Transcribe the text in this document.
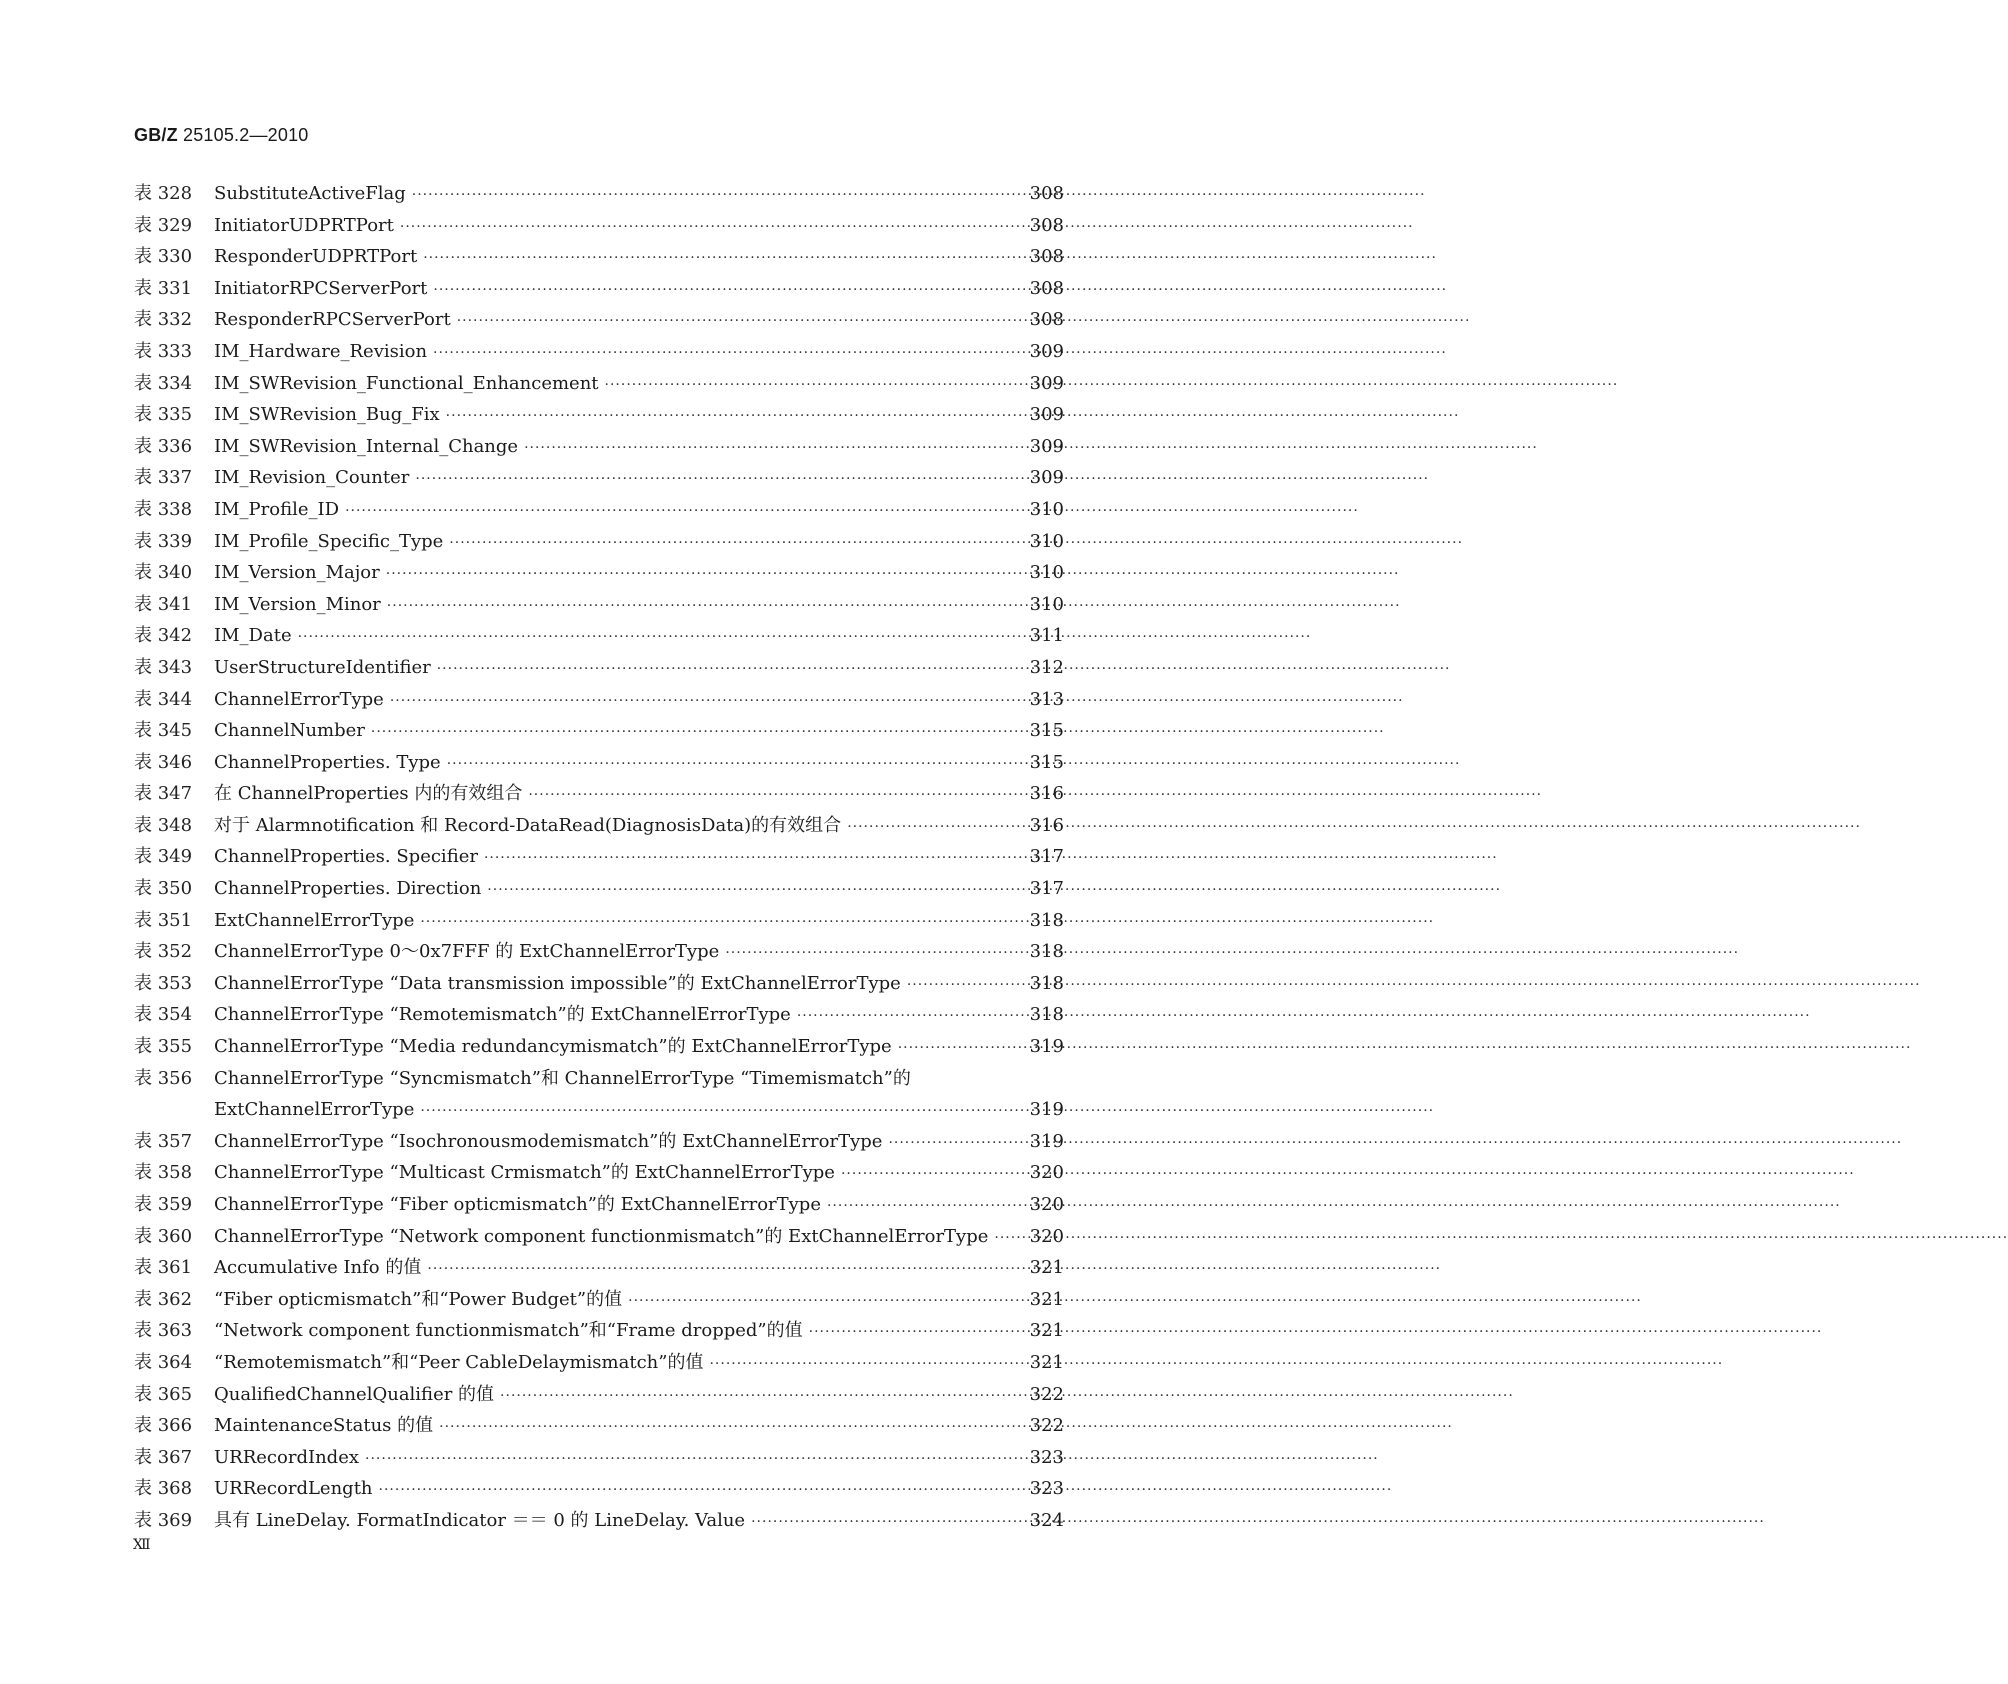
GB/Z 25105.2—2010
表 328	SubstituteActiveFlag ·····	308
表 329	InitiatorUDPRTPort ·····	308
表 330	ResponderUDPRTPort ·····	308
表 331	InitiatorRPCServerPort ·····	308
表 332	ResponderRPCServerPort ·····	308
表 333	IM_Hardware_Revision ·····	309
表 334	IM_SWRevision_Functional_Enhancement ·····	309
表 335	IM_SWRevision_Bug_Fix ·····	309
表 336	IM_SWRevision_Internal_Change ·····	309
表 337	IM_Revision_Counter ·····	309
表 338	IM_Profile_ID ·····	310
表 339	IM_Profile_Specific_Type ·····	310
表 340	IM_Version_Major ·····	310
表 341	IM_Version_Minor ·····	310
表 342	IM_Date ·····	311
表 343	UserStructureIdentifier ·····	312
表 344	ChannelErrorType ·····	313
表 345	ChannelNumber ·····	315
表 346	ChannelProperties. Type ·····	315
表 347	在 ChannelProperties 内的有效组合 ·····	316
表 348	对于 Alarmnotification 和 Record-DataRead(DiagnosisData)的有效组合 ·····	316
表 349	ChannelProperties. Specifier ·····	317
表 350	ChannelProperties. Direction ·····	317
表 351	ExtChannelErrorType ·····	318
表 352	ChannelErrorType 0～0x7FFF 的 ExtChannelErrorType ·····	318
表 353	ChannelErrorType “Data transmission impossible”的 ExtChannelErrorType ·····	318
表 354	ChannelErrorType “Remotemismatch”的 ExtChannelErrorType ·····	318
表 355	ChannelErrorType “Media redundancymismatch”的 ExtChannelErrorType ·····	319
表 356	ChannelErrorType “Syncmismatch”和 ChannelErrorType “Timemismatch”的
ExtChannelErrorType ·····	319
表 357	ChannelErrorType “Isochronousmodemismatch”的 ExtChannelErrorType ·····	319
表 358	ChannelErrorType “Multicast Crmismatch”的 ExtChannelErrorType ·····	320
表 359	ChannelErrorType “Fiber opticmismatch”的 ExtChannelErrorType ·····	320
表 360	ChannelErrorType “Network component functionmismatch”的 ExtChannelErrorType ·····	320
表 361	Accumulative Info 的值 ·····	321
表 362	“Fiber opticmismatch”和“Power Budget”的值 ·····	321
表 363	“Network component functionmismatch”和“Frame dropped”的值 ·····	321
表 364	“Remotemismatch”和“Peer CableDelaymismatch”的值 ·····	321
表 365	QualifiedChannelQualifier 的值 ·····	322
表 366	MaintenanceStatus 的值 ·····	322
表 367	URRecordIndex ·····	323
表 368	URRecordLength ·····	323
表 369	具有 LineDelay. FormatIndicator ＝＝ 0 的 LineDelay. Value ·····	324
Ⅻ
